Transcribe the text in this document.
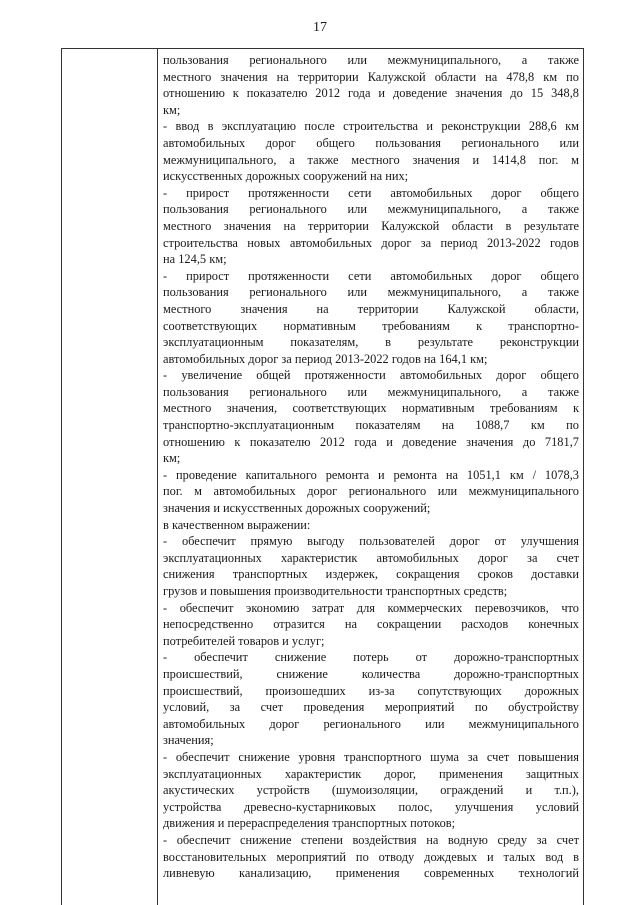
17
пользования регионального или межмуниципального, а также
местного значения на территории Калужской области на 478,8 км по
отношению к показателю 2012 года и доведение значения до 15 348,8
км;
- ввод в эксплуатацию после строительства и реконструкции 288,6 км
автомобильных дорог общего пользования регионального или
межмуниципального, а также местного значения и 1414,8 пог. м
искусственных дорожных сооружений на них;
- прирост протяженности сети автомобильных дорог общего
пользования регионального или межмуниципального, а также
местного значения на территории Калужской области в результате
строительства новых автомобильных дорог за период 2013-2022 годов
на 124,5 км;
- прирост протяженности сети автомобильных дорог общего
пользования регионального или межмуниципального, а также
местного значения на территории Калужской области,
соответствующих нормативным требованиям к транспортно-
эксплуатационным показателям, в результате реконструкции
автомобильных дорог за период 2013-2022 годов на 164,1 км;
- увеличение общей протяженности автомобильных дорог общего
пользования регионального или межмуниципального, а также
местного значения, соответствующих нормативным требованиям к
транспортно-эксплуатационным показателям на 1088,7 км по
отношению к показателю 2012 года и доведение значения до 7181,7
км;
- проведение капитального ремонта и ремонта на 1051,1 км / 1078,3
пог. м автомобильных дорог регионального или межмуниципального
значения и искусственных дорожных сооружений;
в качественном выражении:
- обеспечит прямую выгоду пользователей дорог от улучшения
эксплуатационных характеристик автомобильных дорог за счет
снижения транспортных издержек, сокращения сроков доставки
грузов и повышения производительности транспортных средств;
- обеспечит экономию затрат для коммерческих перевозчиков, что
непосредственно отразится на сокращении расходов конечных
потребителей товаров и услуг;
- обеспечит снижение потерь от дорожно-транспортных
происшествий, снижение количества дорожно-транспортных
происшествий, произошедших из-за сопутствующих дорожных
условий, за счет проведения мероприятий по обустройству
автомобильных дорог регионального или межмуниципального
значения;
- обеспечит снижение уровня транспортного шума за счет повышения
эксплуатационных характеристик дорог, применения защитных
акустических устройств (шумоизоляции, ограждений и т.п.),
устройства древесно-кустарниковых полос, улучшения условий
движения и перераспределения транспортных потоков;
- обеспечит снижение степени воздействия на водную среду за счет
восстановительных мероприятий по отводу дождевых и талых вод в
ливневую канализацию, применения современных технологий
